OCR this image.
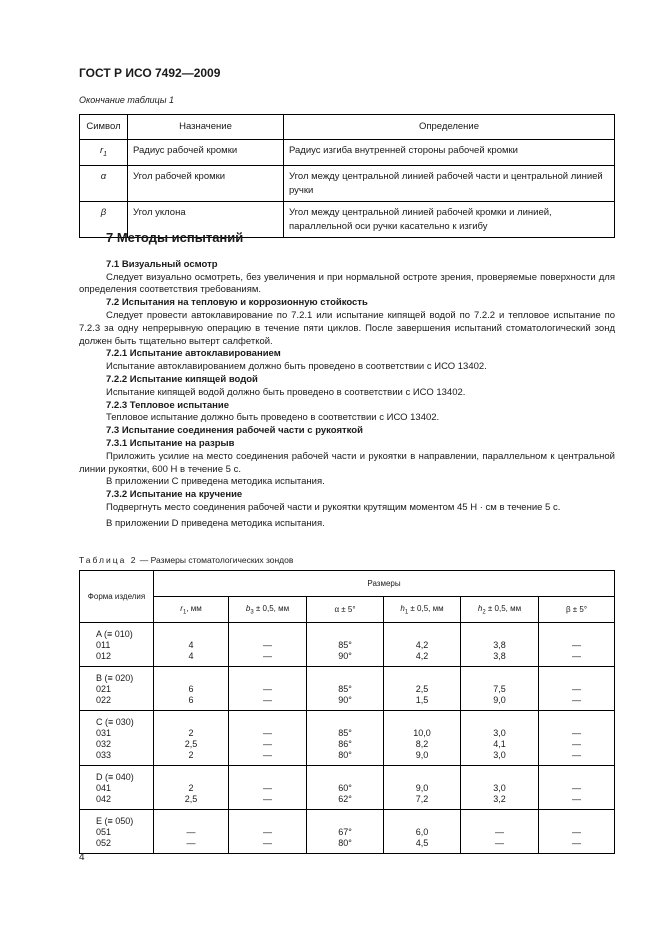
ГОСТ Р ИСО 7492—2009
Окончание таблицы 1
Символ	Назначение	Определение
$r_1$	Радиус рабочей кромки	Радиус изгиба внутренней стороны рабочей кромки
α	Угол рабочей кромки	Угол между центральной линией рабочей части и центральной линией ручки
β	Угол уклона	Угол между центральной линией рабочей кромки и линией, параллельной оси ручки касательно к изгибу
7 Методы испытаний

7.1 Визуальный осмотр

Следует визуально осмотреть, без увеличения и при нормальной остроте зрения, проверяемые поверхности для определения соответствия требованиям.

7.2 Испытания на тепловую и коррозионную стойкость

Следует провести автоклавирование по 7.2.1 или испытание кипящей водой по 7.2.2 и тепловое испытание по 7.2.3 за одну непрерывную операцию в течение пяти циклов. После завершения испытаний стоматологический зонд должен быть тщательно вытерт салфеткой.

7.2.1 Испытание автоклавированием

Испытание автоклавированием должно быть проведено в соответствии с ИСО 13402.

7.2.2 Испытание кипящей водой

Испытание кипящей водой должно быть проведено в соответствии с ИСО 13402.

7.2.3 Тепловое испытание

Тепловое испытание должно быть проведено в соответствии с ИСО 13402.

7.3 Испытание соединения рабочей части с рукояткой

7.3.1 Испытание на разрыв

Приложить усилие на место соединения рабочей части и рукоятки в направлении, параллельном к центральной линии рукоятки, 600 Н в течение 5 с.

В приложении С приведена методика испытания.

7.3.2 Испытание на кручение

Подвергнуть место соединения рабочей части и рукоятки крутящим моментом 45 Н · см в течение 5 с.

В приложении D приведена методика испытания.

Таблица 2 — Размеры стоматологических зондов
Форма изделия	Размеры					
	$r_1$, мм	$b_3 \pm 0,5$, мм	α ± 5°	$h_1 \pm 0,5$, мм	$h_2 \pm 0,5$, мм	β ± 5°
A (≡ 010)						
011	4	—	85°	4,2	3,8	—
012	4	—	90°	4,2	3,8	—
B (≡ 020)						
021	6	—	85°	2,5	7,5	—
022	6	—	90°	1,5	9,0	—
C (≡ 030)						
031	2	—	85°	10,0	3,0	—
032	2,5	—	86°	8,2	4,1	—
033	2	—	80°	9,0	3,0	—
D (≡ 040)						
041	2	—	60°	9,0	3,0	—
042	2,5	—	62°	7,2	3,2	—
E (≡ 050)						
051	—	—	67°	6,0	—	—
052	—	—	80°	4,5	—	—
4
